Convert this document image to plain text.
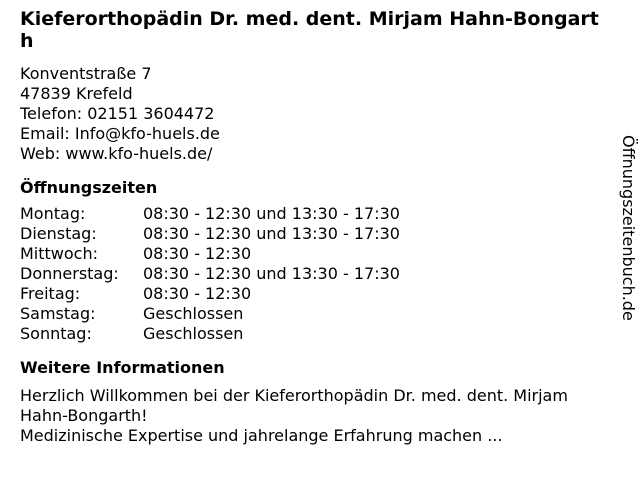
Kieferorthopädin Dr. med. dent. Mirjam Hahn-Bongarth
Konventstraße 7
47839 Krefeld
Telefon: 02151 3604472
Email: Info@kfo-huels.de
Web: www.kfo-huels.de/
Öffnungszeiten
Montag:	08:30 - 12:30 und 13:30 - 17:30
Dienstag:	08:30 - 12:30 und 13:30 - 17:30
Mittwoch:	08:30 - 12:30
Donnerstag:	08:30 - 12:30 und 13:30 - 17:30
Freitag:	08:30 - 12:30
Samstag:	Geschlossen
Sonntag:	Geschlossen
Weitere Informationen

Herzlich Willkommen bei der Kieferorthopädin Dr. med. dent. Mirjam Hahn-Bongarth!

Medizinische Expertise und jahrelange Erfahrung machen ...

Öffnungszeitenbuch.de
